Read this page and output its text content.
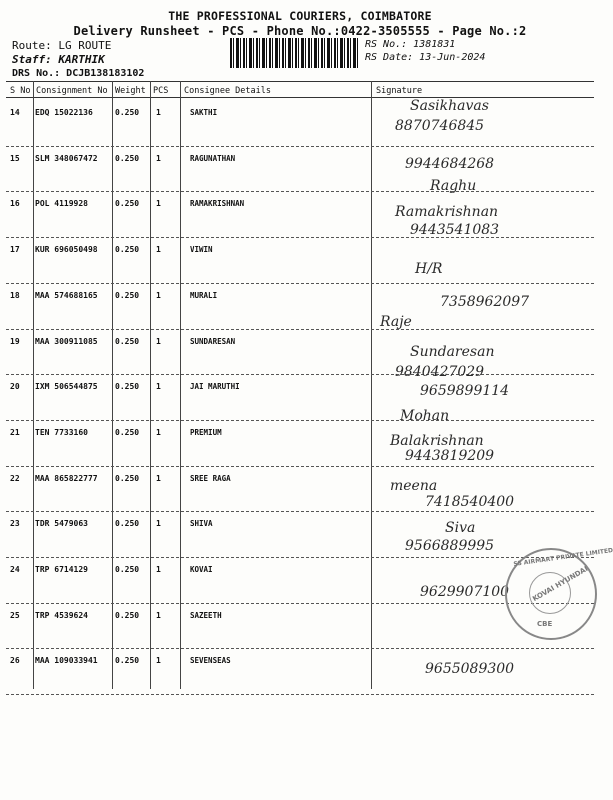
THE PROFESSIONAL COURIERS, COIMBATORE
Delivery Runsheet - PCS - Phone No.:0422-3505555 - Page No.:2
Route: LG ROUTE
Staff: KARTHIK
DRS No.: DCJB138183102
RS No.: 1381831
RS Date: 13-Jun-2024
S No Consignment No Weight PCS Consignee Details	Signature
14 EDQ 15022136	0.250 1	SAKTHI	Sasikhavas
8870746845
15 SLM 348067472 0.250 1	RAGUNATHAN	9944684268
Raghu
16 POL 4119928	0.250 1	RAMAKRISHNAN
Ramakrishnan
9443541083
17 KUR 696050498 0.250 1	VIWIN
H/R
18 MAA 574688165 0.250 1	MURALI	7358962097
Raje
19 MAA 300911085 0.250 1	SUNDARESAN
Sundaresan
9840427029
20 IXM 506544875 0.250 1	JAI MARUTHI	9659899114
Mohan
21 TEN 7733160	0.250 1	PREMIUM
Balakrishnan
9443819209
22 MAA 865822777 0.250 1	SREE RAGA	meena
7418540400
23 TDR 5479063	0.250 1	SHIVA	Siva
9566889995
24 TRP 6714129	0.250 1	KOVAI
9629907100
25 TRP 4539624	0.250 1	SAZEETH
26 MAA 109033941 0.250 1	SEVENSEAS
9655089300
SS AIRMART PRIVATE LIMITED
KOVAI HYUNDAI
CBE
